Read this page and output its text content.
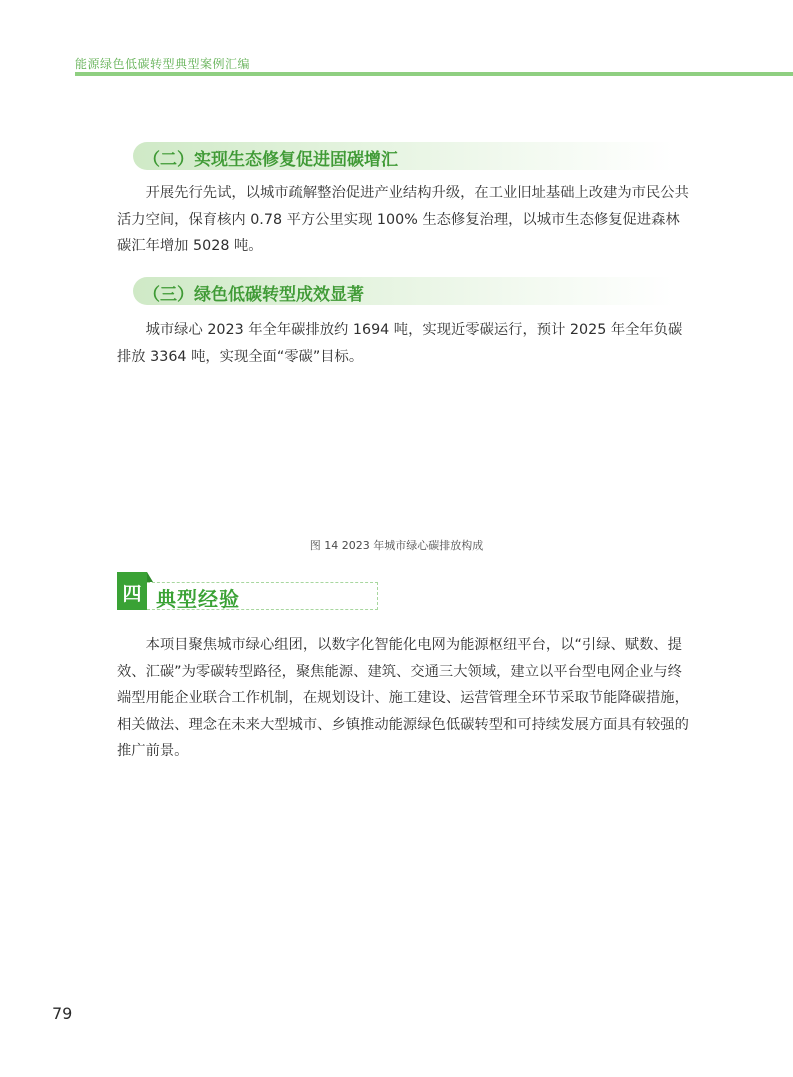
能源绿色低碳转型典型案例汇编
（二）实现生态修复促进固碳增汇

开展先行先试，以城市疏解整治促进产业结构升级，在工业旧址基础上改建为市民公共活力空间，保育核内 0.78 平方公里实现 100% 生态修复治理，以城市生态修复促进森林碳汇年增加 5028 吨。

（三）绿色低碳转型成效显著

城市绿心 2023 年全年碳排放约 1694 吨，实现近零碳运行，预计 2025 年全年负碳排放 3364 吨，实现全面“零碳”目标。

图 14 2023 年城市绿心碳排放构成
四 典型经验

本项目聚焦城市绿心组团，以数字化智能化电网为能源枢纽平台，以“引绿、赋数、提效、汇碳”为零碳转型路径，聚焦能源、建筑、交通三大领域，建立以平台型电网企业与终端型用能企业联合工作机制，在规划设计、施工建设、运营管理全环节采取节能降碳措施，相关做法、理念在未来大型城市、乡镇推动能源绿色低碳转型和可持续发展方面具有较强的推广前景。

79
